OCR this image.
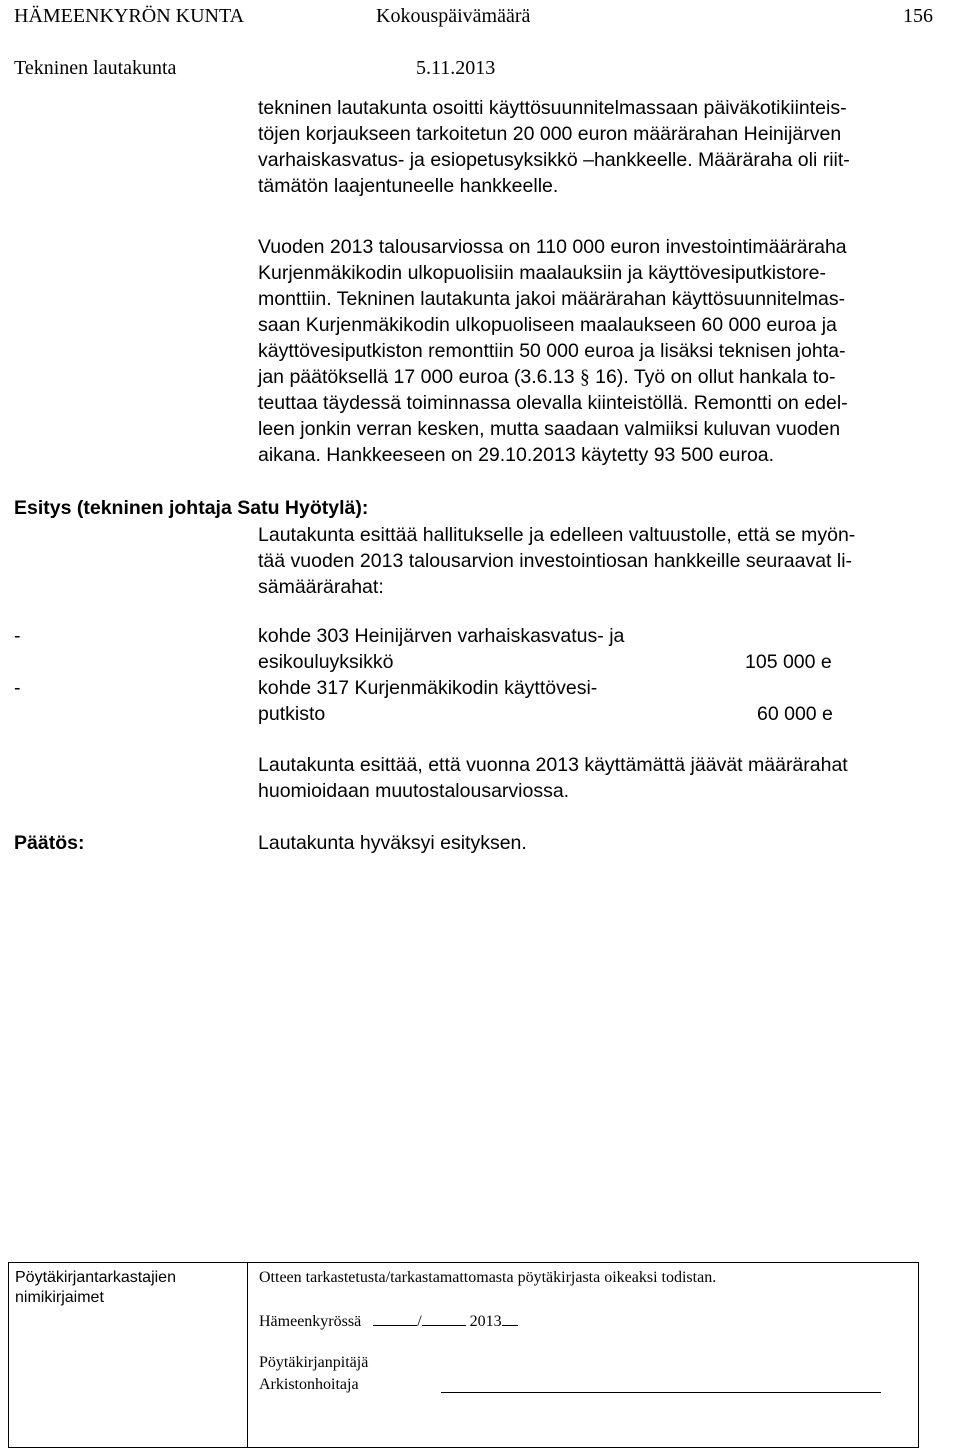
HÄMEENKYRÖN KUNTA	Kokouspäivämäärä	156
Tekninen lautakunta	5.11.2013
tekninen lautakunta osoitti käyttösuunnitelmassaan päiväkotikiinteis-
töjen korjaukseen tarkoitetun 20 000 euron määrärahan Heinijärven
varhaiskasvatus- ja esiopetusyksikkö –hankkeelle. Määräraha oli riit-
tämätön laajentuneelle hankkeelle.
Vuoden 2013 talousarviossa on 110 000 euron investointimääräraha
Kurjenmäkikodin ulkopuolisiin maalauksiin ja käyttövesiputkistore-
monttiin. Tekninen lautakunta jakoi määrärahan käyttösuunnitelmas-
saan Kurjenmäkikodin ulkopuoliseen maalaukseen 60 000 euroa ja
käyttövesiputkiston remonttiin 50 000 euroa ja lisäksi teknisen johta-
jan päätöksellä 17 000 euroa (3.6.13 § 16). Työ on ollut hankala to-
teuttaa täydessä toiminnassa olevalla kiinteistöllä. Remontti on edel-
leen jonkin verran kesken, mutta saadaan valmiiksi kuluvan vuoden
aikana. Hankkeeseen on 29.10.2013 käytetty 93 500 euroa.
Esitys (tekninen johtaja Satu Hyötylä):
Lautakunta esittää hallitukselle ja edelleen valtuustolle, että se myön-
tää vuoden 2013 talousarvion investointiosan hankkeille seuraavat li-
sämäärärahat:
-	kohde 303 Heinijärven varhaiskasvatus- ja
esikouluyksikkö	105 000 e
-	kohde 317 Kurjenmäkikodin käyttövesi-
putkisto	60 000 e
Lautakunta esittää, että vuonna 2013 käyttämättä jäävät määrärahat
huomioidaan muutostalousarviossa.
Päätös:	Lautakunta hyväksyi esityksen.
Pöytäkirjantarkastajien
nimikirjaimet
Otteen tarkastetusta/tarkastamattomasta pöytäkirjasta oikeaksi todistan.
Hämeenkyrössä	/	2013
Pöytäkirjanpitäjä
Arkistonhoitaja
